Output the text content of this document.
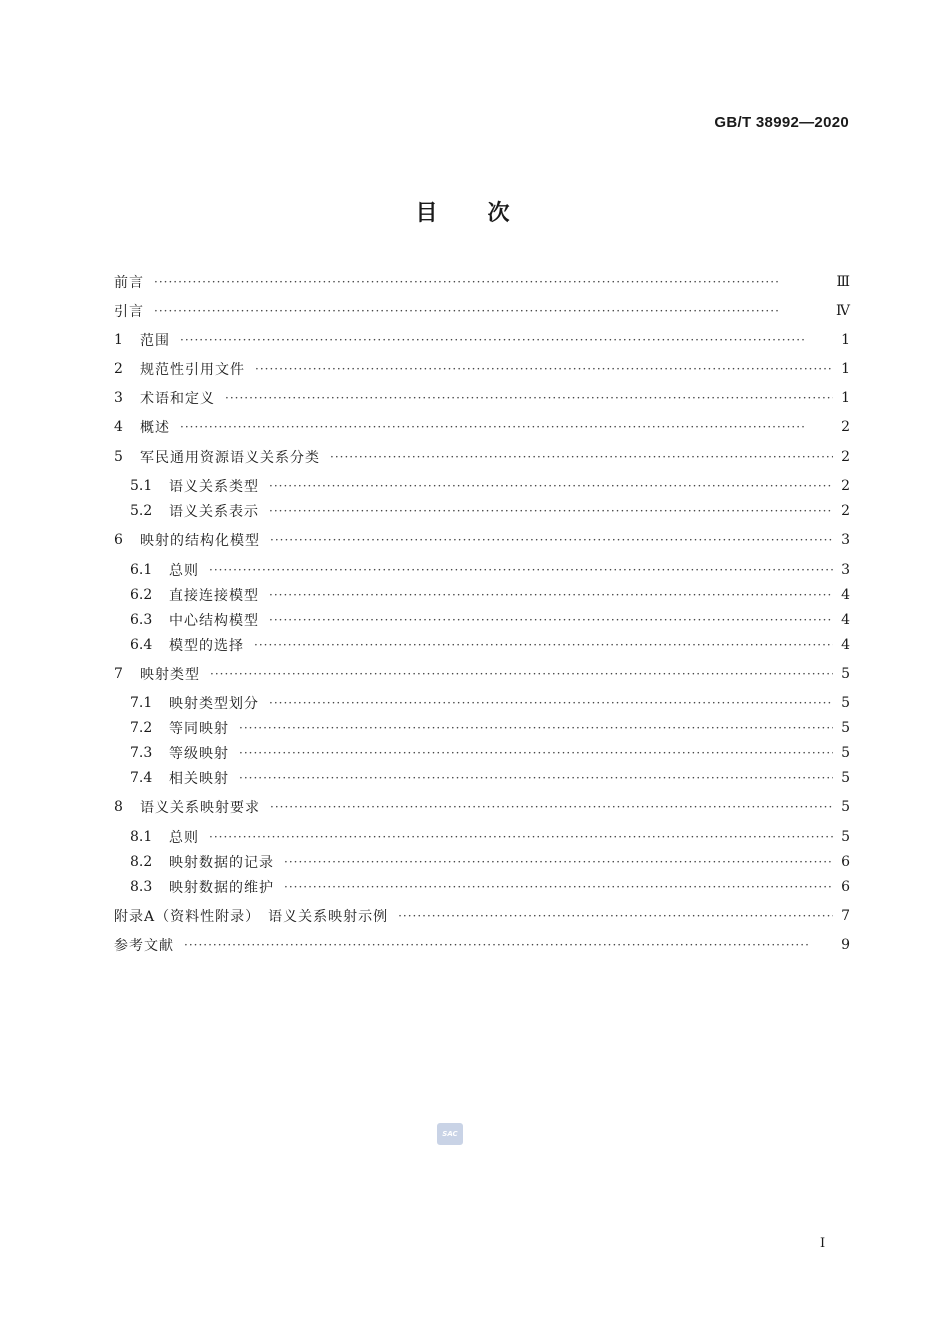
GB/T 38992—2020
目次
前言 ·····	Ⅲ
引言 ·····	Ⅳ
1	范围 ·····	1
2	规范性引用文件 ·····	1
3	术语和定义 ·····	1
4	概述 ·····	2
5	军民通用资源语义关系分类 ·····	2
5.1	语义关系类型 ·····	2
5.2	语义关系表示 ·····	2
6	映射的结构化模型 ·····	3
6.1	总则 ·····	3
6.2	直接连接模型 ·····	4
6.3	中心结构模型 ·····	4
6.4	模型的选择 ·····	4
7	映射类型 ·····	5
7.1	映射类型划分 ·····	5
7.2	等同映射 ·····	5
7.3	等级映射 ·····	5
7.4	相关映射 ·····	5
8	语义关系映射要求 ·····	5
8.1	总则 ·····	5
8.2	映射数据的记录 ·····	6
8.3	映射数据的维护 ·····	6
附录A（资料性附录）　语义关系映射示例 ·····	7
参考文献 ·····	9
SAC
I
